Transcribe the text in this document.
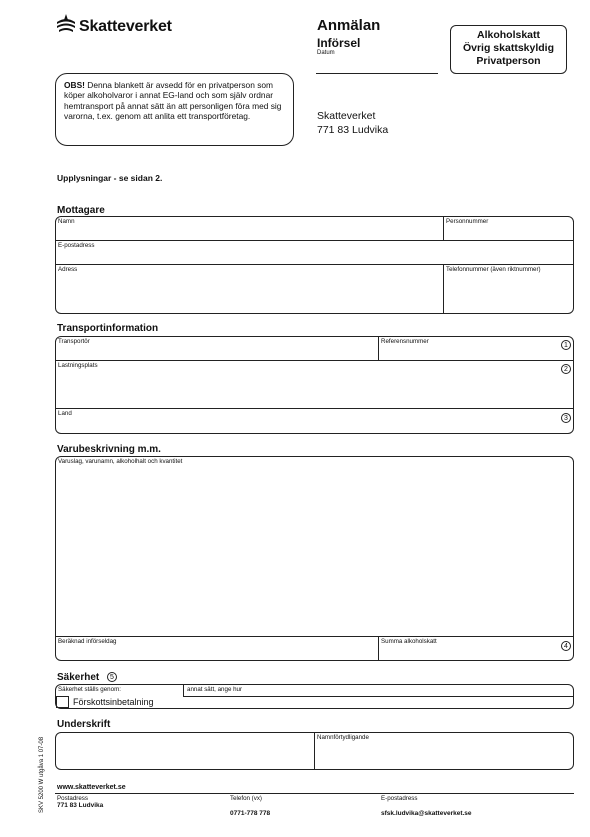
Skatteverket	Anmälan
Införsel
Datum
Alkoholskatt
Övrig skattskyldig
Privatperson
OBS! Denna blankett är avsedd för en privatperson som köper alkoholvaror i annat EG-land och som själv ordnar hemtransport på annat sätt än att personligen föra med sig varorna, t.ex. genom att anlita ett transportföretag.	Skatteverket
771 83 Ludvika
Upplysningar - se sidan 2.
Mottagare
Namn	Personnummer
E-postadress
Adress	Telefonnummer (även riktnummer)
Transportinformation
Transportör	Referensnummer
1
Lastningsplats
2
Land
3
Varubeskrivning m.m.
Varuslag, varunamn, alkoholhalt och kvantitet
Beräknad införseldag	Summa alkoholskatt
4
Säkerhet	5
Säkerhet ställs genom:	annat sätt, ange hur
Förskottsinbetalning
Underskrift
Namnförtydligande
SKV 5200 W utgåva 1 07-08 www.skatteverket.se
Postadress
771 83 Ludvika
Telefon (vx)
0771-778 778
E-postadress
sfsk.ludvika@skatteverket.se
